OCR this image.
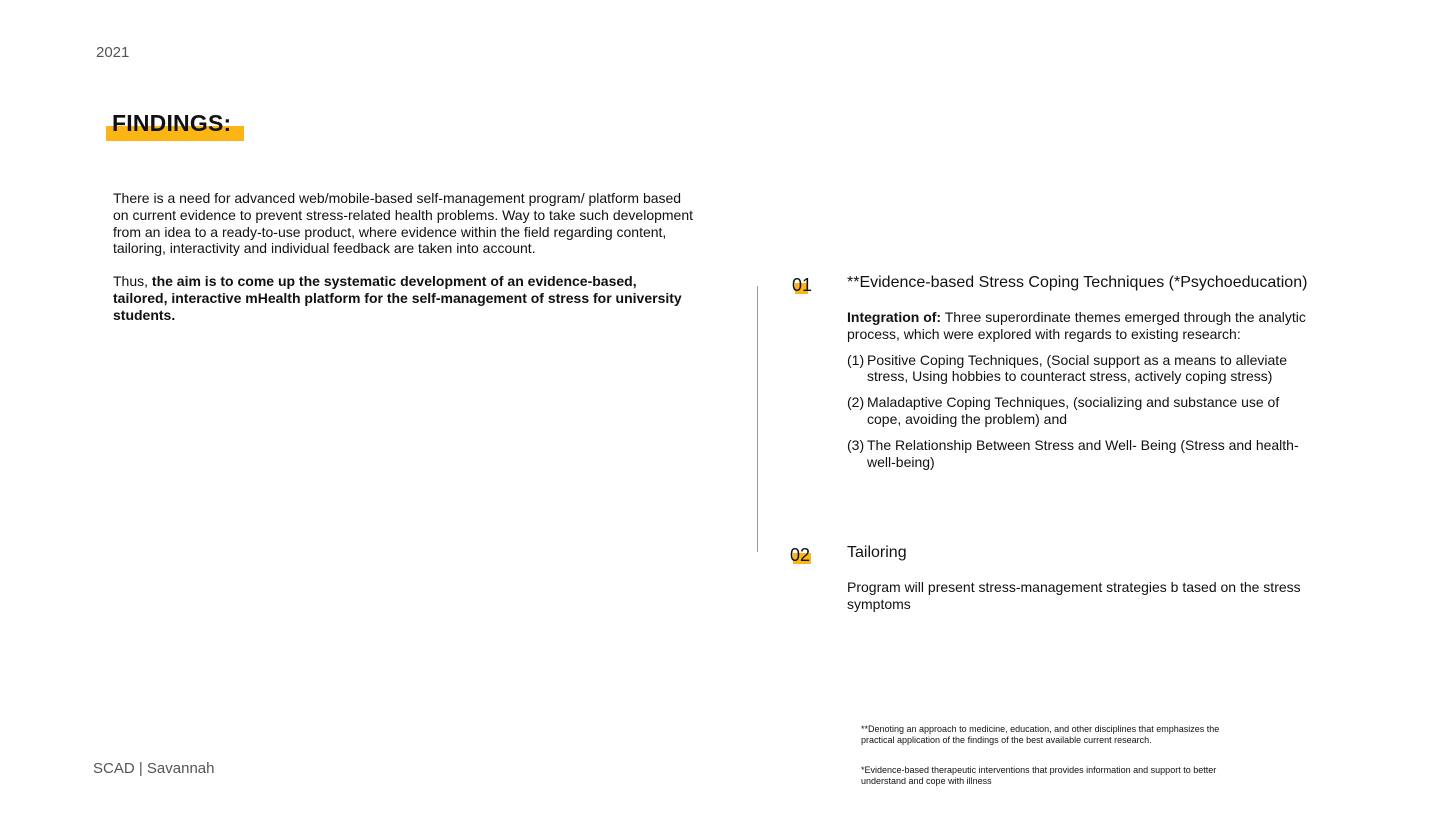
2021
FINDINGS:

There is a need for advanced web/mobile-based self-management program/ platform based on current evidence to prevent stress-related health problems. Way to take such development from an idea to a ready-to-use product, where evidence within the field regarding content, tailoring, interactivity and individual feedback are taken into account.

Thus, the aim is to come up the systematic development of an evidence-based, tailored, interactive mHealth platform for the self-management of stress for university students.

01 **Evidence-based Stress Coping Techniques (*Psychoeducation)

Integration of: Three superordinate themes emerged through the analytic process, which were explored with regards to existing research:

(1) Positive Coping Techniques, (Social support as a means to alleviate stress, Using hobbies to counteract stress, actively coping stress)
(2) Maladaptive Coping Techniques, (socializing and substance use of cope, avoiding the problem) and
(3) The Relationship Between Stress and Well- Being (Stress and health-well-being)
02 Tailoring
Program will present stress-management strategies b tased on the stress symptoms
SCAD | Savannah

**Denoting an approach to medicine, education, and other disciplines that emphasizes the practical application of the findings of the best available current research.

*Evidence-based therapeutic interventions that provides information and support to better understand and cope with illness
